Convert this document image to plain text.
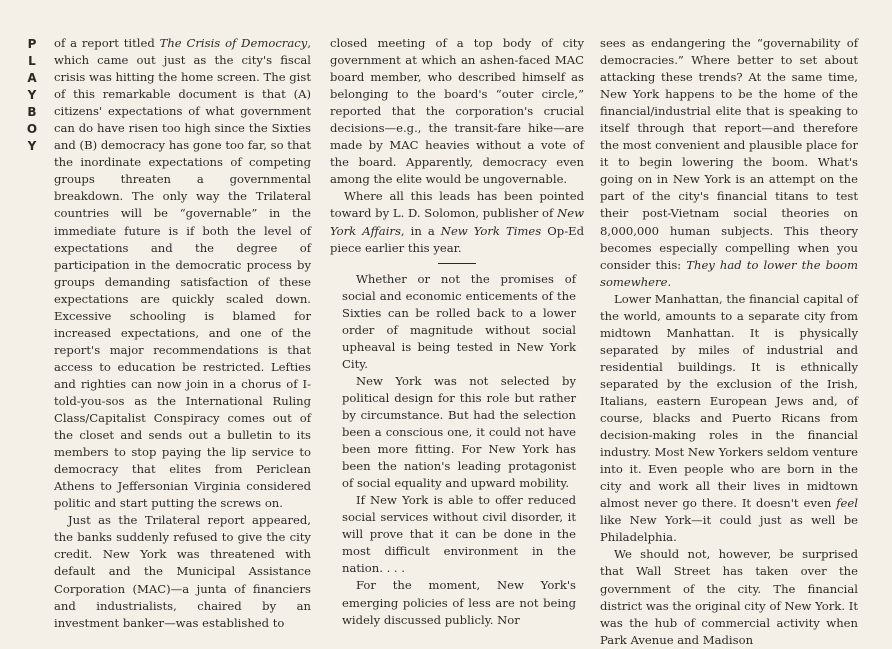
P
L
A
Y
B
O
Y

of a report titled The Crisis of Democracy, which came out just as the city's fiscal crisis was hitting the home screen. The gist of this remarkable document is that (A) citizens' expectations of what government can do have risen too high since the Sixties and (B) democracy has gone too far, so that the inordinate expectations of competing groups threaten a governmental breakdown. The only way the Trilateral countries will be “governable” in the immediate future is if both the level of expectations and the degree of participation in the democratic process by groups demanding satisfaction of these expectations are quickly scaled down. Excessive schooling is blamed for increased expectations, and one of the report's major recommendations is that access to education be restricted. Lefties and righties can now join in a chorus of I-told-you-sos as the International Ruling Class/Capitalist Conspiracy comes out of the closet and sends out a bulletin to its members to stop paying the lip service to democracy that elites from Periclean Athens to Jeffersonian Virginia considered politic and start putting the screws on.

Just as the Trilateral report appeared, the banks suddenly refused to give the city credit. New York was threatened with default and the Municipal Assistance Corporation (MAC)—a junta of financiers and industrialists, chaired by an investment banker—was established to

closed meeting of a top body of city government at which an ashen-faced MAC board member, who described himself as belonging to the board's “outer circle,” reported that the corporation's crucial decisions—e.g., the transit-fare hike—are made by MAC heavies without a vote of the board. Apparently, democracy even among the elite would be ungovernable.

Where all this leads has been pointed toward by L. D. Solomon, publisher of New York Affairs, in a New York Times Op-Ed piece earlier this year.

Whether or not the promises of social and economic enticements of the Sixties can be rolled back to a lower order of magnitude without social upheaval is being tested in New York City.

New York was not selected by political design for this role but rather by circumstance. But had the selection been a conscious one, it could not have been more fitting. For New York has been the nation's leading protagonist of social equality and upward mobility.

If New York is able to offer reduced social services without civil disorder, it will prove that it can be done in the most difficult environment in the nation. . . .

For the moment, New York's emerging policies of less are not being widely discussed publicly. Nor

sees as endangering the “governability of democracies.” Where better to set about attacking these trends? At the same time, New York happens to be the home of the financial/industrial elite that is speaking to itself through that report—and therefore the most convenient and plausible place for it to begin lowering the boom. What's going on in New York is an attempt on the part of the city's financial titans to test their post-Vietnam social theories on 8,000,000 human subjects. This theory becomes especially compelling when you consider this: They had to lower the boom somewhere.

Lower Manhattan, the financial capital of the world, amounts to a separate city from midtown Manhattan. It is physically separated by miles of industrial and residential buildings. It is ethnically separated by the exclusion of the Irish, Italians, eastern European Jews and, of course, blacks and Puerto Ricans from decision-making roles in the financial industry. Most New Yorkers seldom venture into it. Even people who are born in the city and work all their lives in midtown almost never go there. It doesn't even feel like New York—it could just as well be Philadelphia.

We should not, however, be surprised that Wall Street has taken over the government of the city. The financial district was the original city of New York. It was the hub of commercial activity when Park Avenue and Madison
